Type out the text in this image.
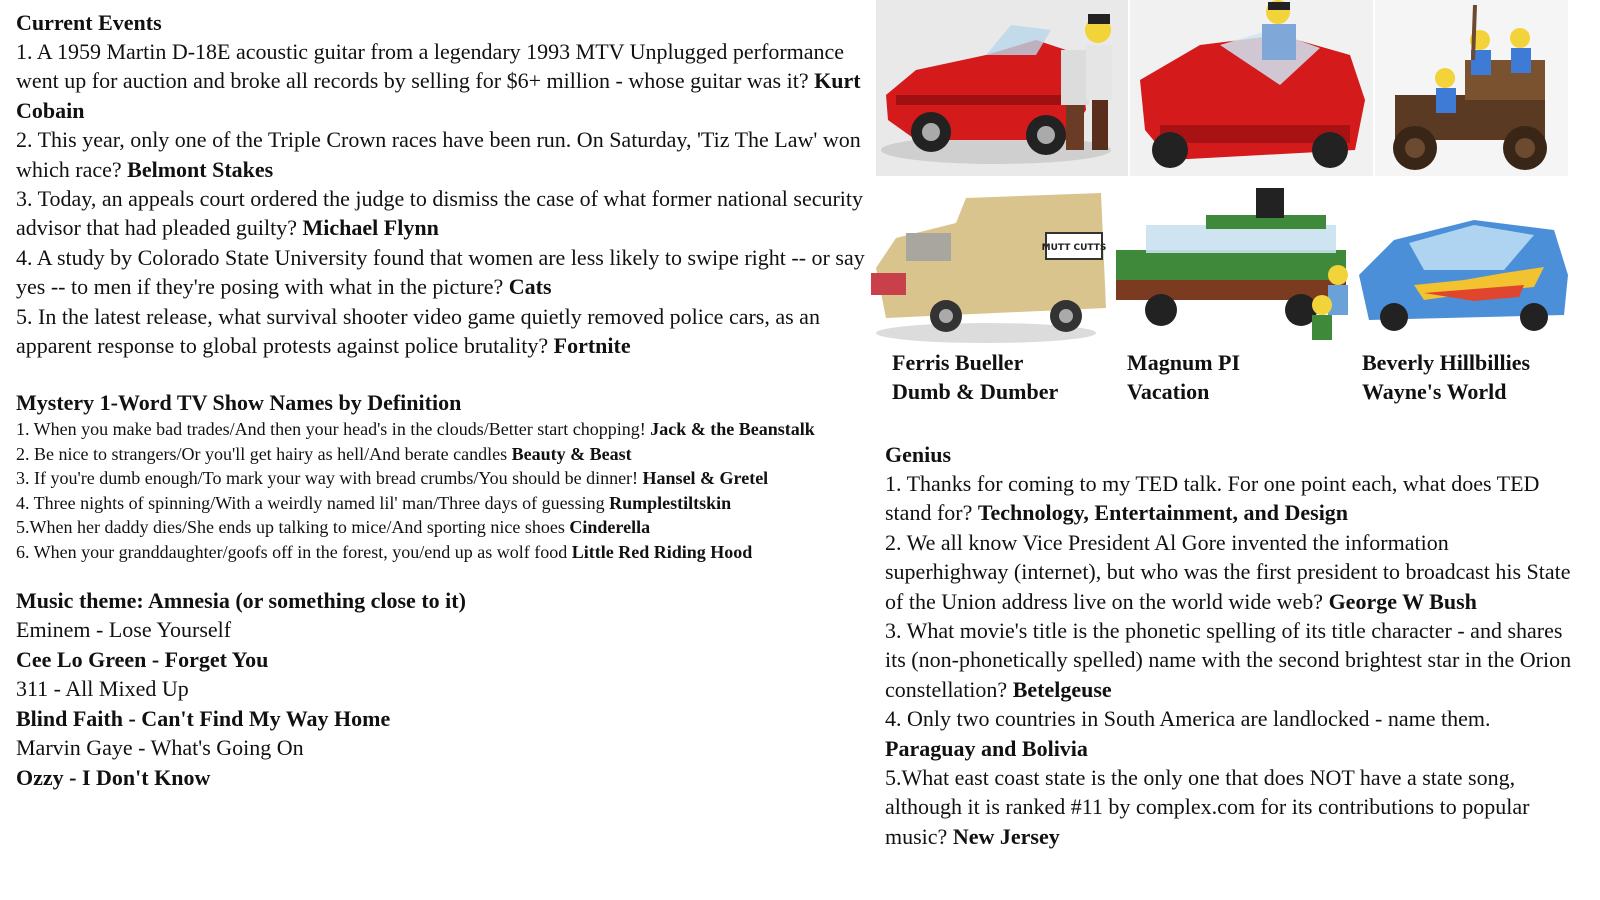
Current Events
1. A 1959 Martin D-18E acoustic guitar from a legendary 1993 MTV Unplugged performance went up for auction and broke all records by selling for $6+ million - whose guitar was it? Kurt Cobain
2. This year, only one of the Triple Crown races have been run. On Saturday, 'Tiz The Law' won which race? Belmont Stakes
3. Today, an appeals court ordered the judge to dismiss the case of what former national security advisor that had pleaded guilty? Michael Flynn
4. A study by Colorado State University found that women are less likely to swipe right -- or say yes -- to men if they're posing with what in the picture? Cats
5. In the latest release, what survival shooter video game quietly removed police cars, as an apparent response to global protests against police brutality? Fortnite
Mystery 1-Word TV Show Names by Definition
1. When you make bad trades/And then your head's in the clouds/Better start chopping! Jack & the Beanstalk
2. Be nice to strangers/Or you'll get hairy as hell/And berate candles Beauty & Beast
3. If you're dumb enough/To mark your way with bread crumbs/You should be dinner! Hansel & Gretel
4. Three nights of spinning/With a weirdly named lil' man/Three days of guessing Rumplestiltskin
5.When her daddy dies/She ends up talking to mice/And sporting nice shoes Cinderella
6. When your granddaughter/goofs off in the forest, you/end up as wolf food Little Red Riding Hood
Music theme: Amnesia (or something close to it)
Eminem - Lose Yourself
Cee Lo Green - Forget You
311 - All Mixed Up
Blind Faith - Can't Find My Way Home
Marvin Gaye - What's Going On
Ozzy - I Don't Know
MUTT CUTTS
Ferris Bueller
Dumb & Dumber
Magnum PI
Vacation
Beverly Hillbillies
Wayne's World
Genius
1. Thanks for coming to my TED talk. For one point each, what does TED stand for? Technology, Entertainment, and Design
2. We all know Vice President Al Gore invented the information superhighway (internet), but who was the first president to broadcast his State of the Union address live on the world wide web? George W Bush
3. What movie's title is the phonetic spelling of its title character - and shares its (non-phonetically spelled) name with the second brightest star in the Orion constellation? Betelgeuse
4. Only two countries in South America are landlocked - name them. Paraguay and Bolivia
5.What east coast state is the only one that does NOT have a state song, although it is ranked #11 by complex.com for its contributions to popular music? New Jersey
